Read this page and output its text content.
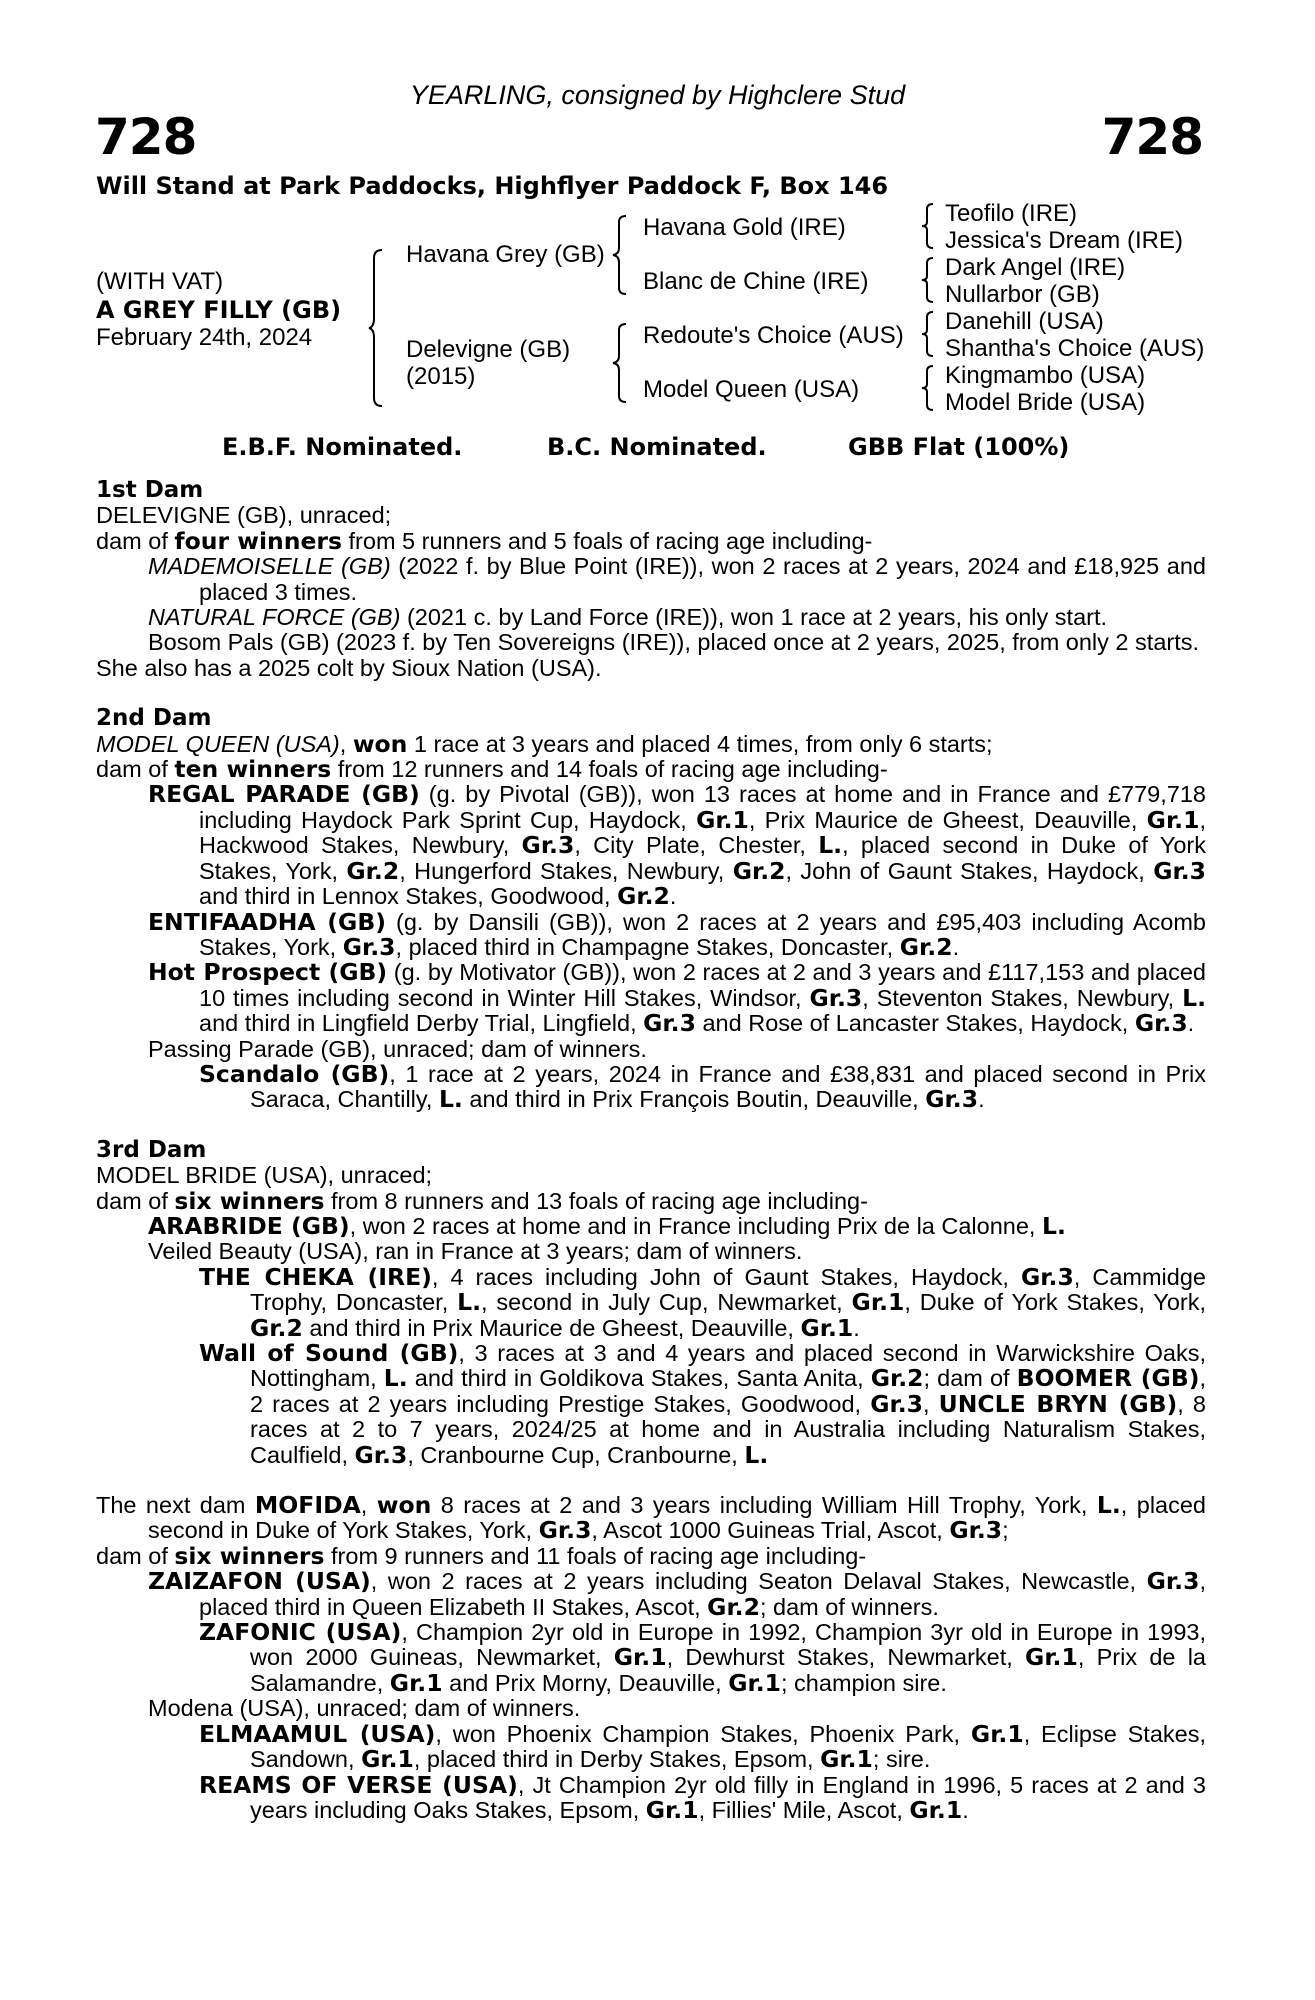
YEARLING, consigned by Highclere Stud
728	728
Will Stand at Park Paddocks, Highflyer Paddock F, Box 146
(WITH VAT)
A GREY FILLY (GB)
February 24th, 2024
Havana Grey (GB)
Delevigne (GB)
(2015)
Havana Gold (IRE)
Blanc de Chine (IRE)
Redoute's Choice (AUS)
Model Queen (USA)
Teofilo (IRE)
Jessica's Dream (IRE)
Dark Angel (IRE)
Nullarbor (GB)
Danehill (USA)
Shantha's Choice (AUS)
Kingmambo (USA)
Model Bride (USA)
E.B.F. Nominated.	B.C. Nominated.	GBB Flat (100%)

1st Dam

DELEVIGNE (GB), unraced;

dam of four winners from 5 runners and 5 foals of racing age including-

MADEMOISELLE (GB) (2022 f. by Blue Point (IRE)), won 2 races at 2 years, 2024 and £18,925 and placed 3 times.

NATURAL FORCE (GB) (2021 c. by Land Force (IRE)), won 1 race at 2 years, his only start.

Bosom Pals (GB) (2023 f. by Ten Sovereigns (IRE)), placed once at 2 years, 2025, from only 2 starts.

She also has a 2025 colt by Sioux Nation (USA).

2nd Dam

MODEL QUEEN (USA), won 1 race at 3 years and placed 4 times, from only 6 starts;

dam of ten winners from 12 runners and 14 foals of racing age including-

REGAL PARADE (GB) (g. by Pivotal (GB)), won 13 races at home and in France and £779,718 including Haydock Park Sprint Cup, Haydock, Gr.1, Prix Maurice de Gheest, Deauville, Gr.1, Hackwood Stakes, Newbury, Gr.3, City Plate, Chester, L., placed second in Duke of York Stakes, York, Gr.2, Hungerford Stakes, Newbury, Gr.2, John of Gaunt Stakes, Haydock, Gr.3 and third in Lennox Stakes, Goodwood, Gr.2.

ENTIFAADHA (GB) (g. by Dansili (GB)), won 2 races at 2 years and £95,403 including Acomb Stakes, York, Gr.3, placed third in Champagne Stakes, Doncaster, Gr.2.

Hot Prospect (GB) (g. by Motivator (GB)), won 2 races at 2 and 3 years and £117,153 and placed 10 times including second in Winter Hill Stakes, Windsor, Gr.3, Steventon Stakes, Newbury, L. and third in Lingfield Derby Trial, Lingfield, Gr.3 and Rose of Lancaster Stakes, Haydock, Gr.3.

Passing Parade (GB), unraced; dam of winners.

Scandalo (GB), 1 race at 2 years, 2024 in France and £38,831 and placed second in Prix Saraca, Chantilly, L. and third in Prix François Boutin, Deauville, Gr.3.

3rd Dam

MODEL BRIDE (USA), unraced;

dam of six winners from 8 runners and 13 foals of racing age including-

ARABRIDE (GB), won 2 races at home and in France including Prix de la Calonne, L.

Veiled Beauty (USA), ran in France at 3 years; dam of winners.

THE CHEKA (IRE), 4 races including John of Gaunt Stakes, Haydock, Gr.3, Cammidge Trophy, Doncaster, L., second in July Cup, Newmarket, Gr.1, Duke of York Stakes, York, Gr.2 and third in Prix Maurice de Gheest, Deauville, Gr.1.

Wall of Sound (GB), 3 races at 3 and 4 years and placed second in Warwickshire Oaks, Nottingham, L. and third in Goldikova Stakes, Santa Anita, Gr.2; dam of BOOMER (GB), 2 races at 2 years including Prestige Stakes, Goodwood, Gr.3, UNCLE BRYN (GB), 8 races at 2 to 7 years, 2024/25 at home and in Australia including Naturalism Stakes, Caulfield, Gr.3, Cranbourne Cup, Cranbourne, L.

The next dam MOFIDA, won 8 races at 2 and 3 years including William Hill Trophy, York, L., placed second in Duke of York Stakes, York, Gr.3, Ascot 1000 Guineas Trial, Ascot, Gr.3;

dam of six winners from 9 runners and 11 foals of racing age including-

ZAIZAFON (USA), won 2 races at 2 years including Seaton Delaval Stakes, Newcastle, Gr.3, placed third in Queen Elizabeth II Stakes, Ascot, Gr.2; dam of winners.

ZAFONIC (USA), Champion 2yr old in Europe in 1992, Champion 3yr old in Europe in 1993, won 2000 Guineas, Newmarket, Gr.1, Dewhurst Stakes, Newmarket, Gr.1, Prix de la Salamandre, Gr.1 and Prix Morny, Deauville, Gr.1; champion sire.

Modena (USA), unraced; dam of winners.

ELMAAMUL (USA), won Phoenix Champion Stakes, Phoenix Park, Gr.1, Eclipse Stakes, Sandown, Gr.1, placed third in Derby Stakes, Epsom, Gr.1; sire.

REAMS OF VERSE (USA), Jt Champion 2yr old filly in England in 1996, 5 races at 2 and 3 years including Oaks Stakes, Epsom, Gr.1, Fillies' Mile, Ascot, Gr.1.
